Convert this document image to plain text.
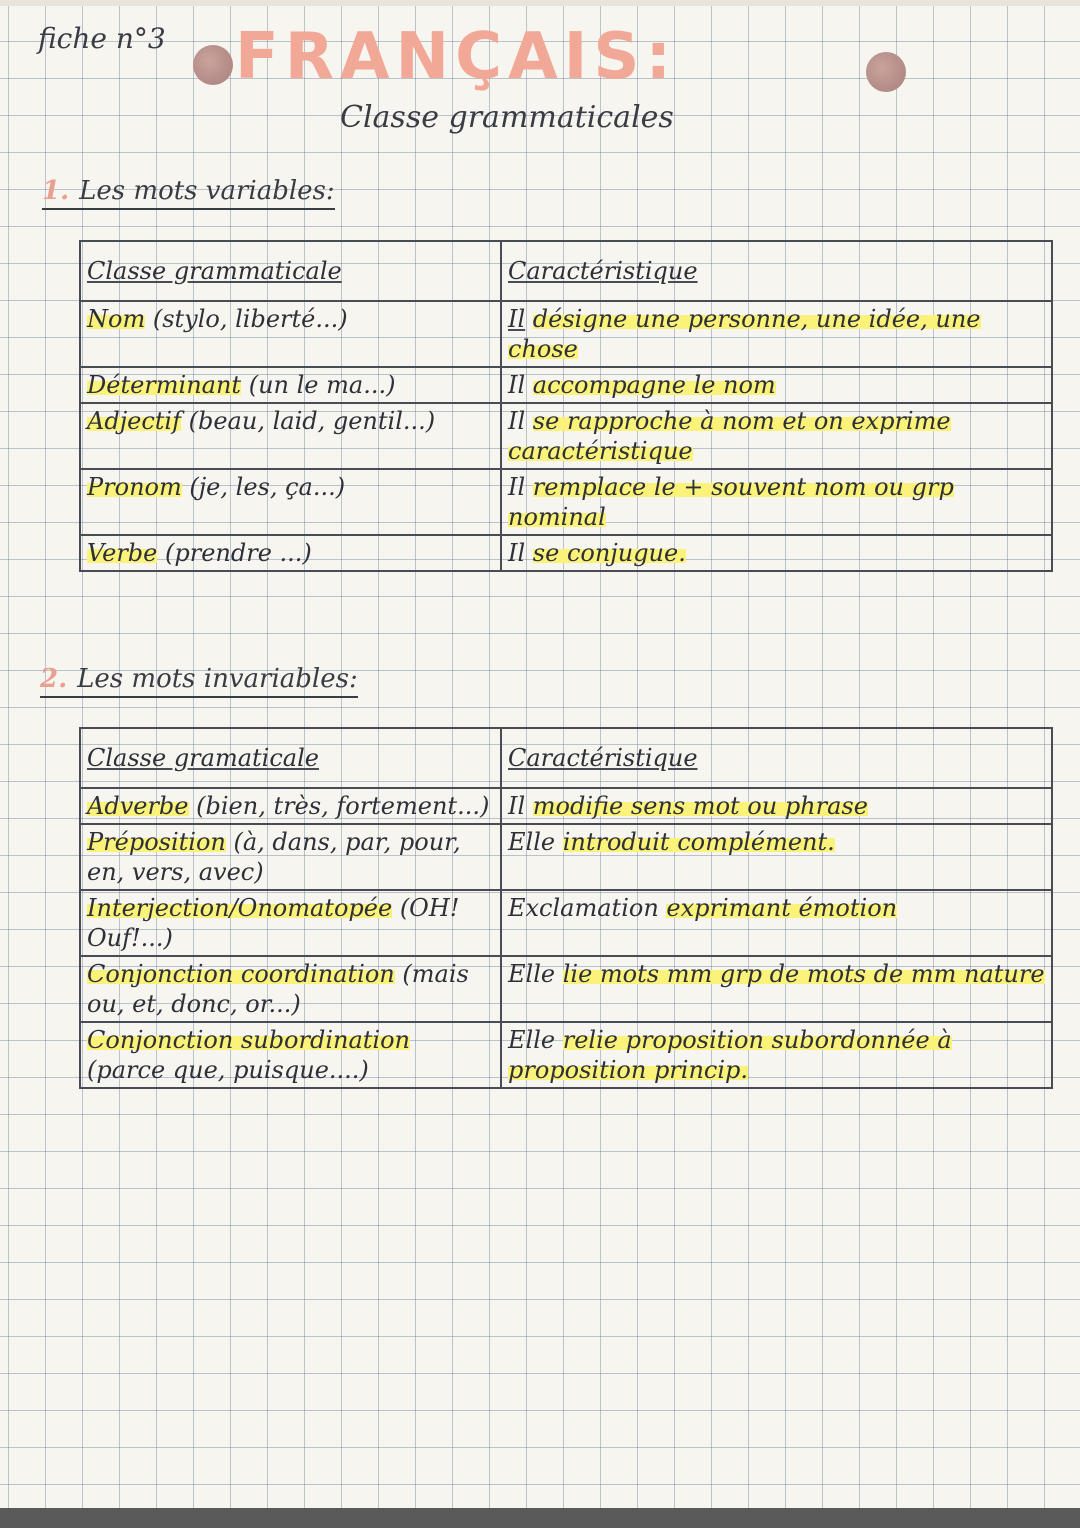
fiche n°3 FRANÇAIS:
Classe grammaticales
1. Les mots variables:
Classe grammaticale	Caractéristique
Nom (stylo, liberté...)	Il désigne une personne, une idée, une chose
Déterminant (un le ma...)	Il accompagne le nom
Adjectif (beau, laid, gentil...)	Il se rapproche à nom et on exprime caractéristique
Pronom (je, les, ça...)	Il remplace le + souvent nom ou grp nominal
Verbe (prendre ...)	Il se conjugue.
2. Les mots invariables:
Classe gramaticale	Caractéristique
Adverbe (bien, très, fortement...)	Il modifie sens mot ou phrase
Préposition (à, dans, par, pour, en, vers, avec)	Elle introduit complément.
Interjection/Onomatopée (OH! Ouf!...)	Exclamation exprimant émotion
Conjonction coordination (mais ou, et, donc, or...)	Elle lie mots mm grp de mots de mm nature
Conjonction subordination (parce que, puisque....)	Elle relie proposition subordonnée à proposition princip.
